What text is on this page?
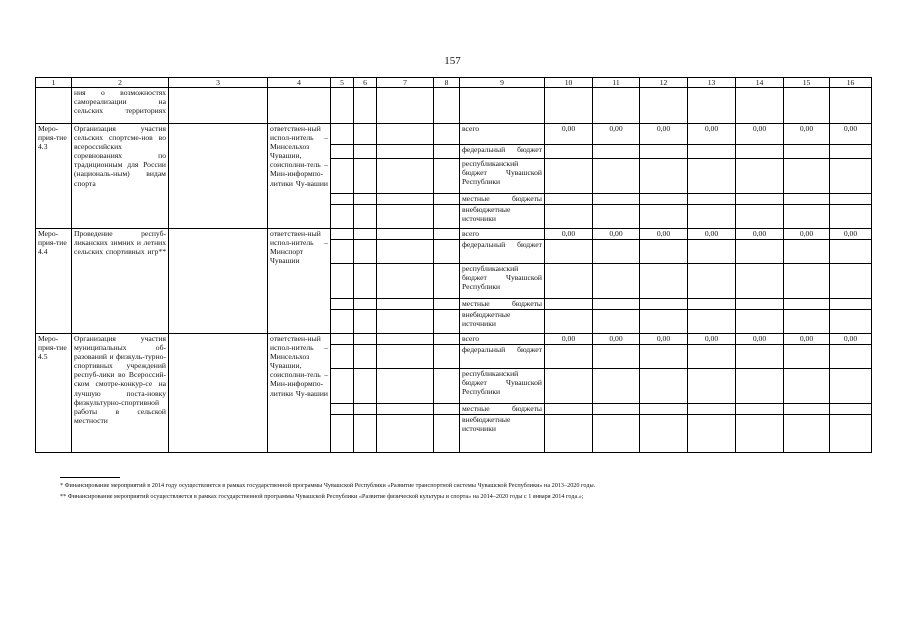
157
1	2	3	4	5	6	7	8	9	10	11	12	13	14	15	16
	ния о возможностях самореализации на сельских территориях														
Меро-прия-тие 4.3	Организация участия сельских спортсме-нов во всероссийских соревнованиях по традиционным для России (националь-ным) видам спорта		ответствен-ный испол-нитель – Минсельхоз Чувашии, соисполни-тель – Мин-информпо-литики Чу-вашии					всего	0,00	0,00	0,00	0,00	0,00	0,00	0,00
								федеральный бюджет							
								республиканский бюджет Чувашской Республики							
								местные бюджеты							
								внебюджетные источники							
Меро-прия-тие 4.4	Проведение респуб-ликанских зимних и летних сельских спортивных игр**		ответствен-ный испол-нитель – Минспорт Чувашии					всего	0,00	0,00	0,00	0,00	0,00	0,00	0,00
								федеральный бюджет							
								республиканский бюджет Чувашской Республики							
								местные бюджеты							
								внебюджетные источники							
Меро-прия-тие 4.5	Организация участия муниципальных об-разований и физкуль-турно-спортивных учреждений респуб-лики во Всероссий-ском смотре-конкур-се на лучшую поста-новку физкультурно-спортивной работы в сельской местности		ответствен-ный испол-нитель – Минсельхоз Чувашии, соисполни-тель – Мин-информпо-литики Чу-вашии					всего	0,00	0,00	0,00	0,00	0,00	0,00	0,00
								федеральный бюджет							
								республиканский бюджет Чувашской Республики							
								местные бюджеты							
								внебюджетные источники							
* Финансирование мероприятий в 2014 году осуществляется в рамках государственной программы Чувашской Республики «Развитие транспортной системы Чувашской Республики» на 2013–2020 годы.
** Финансирование мероприятий осуществляется в рамках государственной программы Чувашской Республики «Развитие физической культуры и спорта» на 2014–2020 годы с 1 января 2014 года.»;
